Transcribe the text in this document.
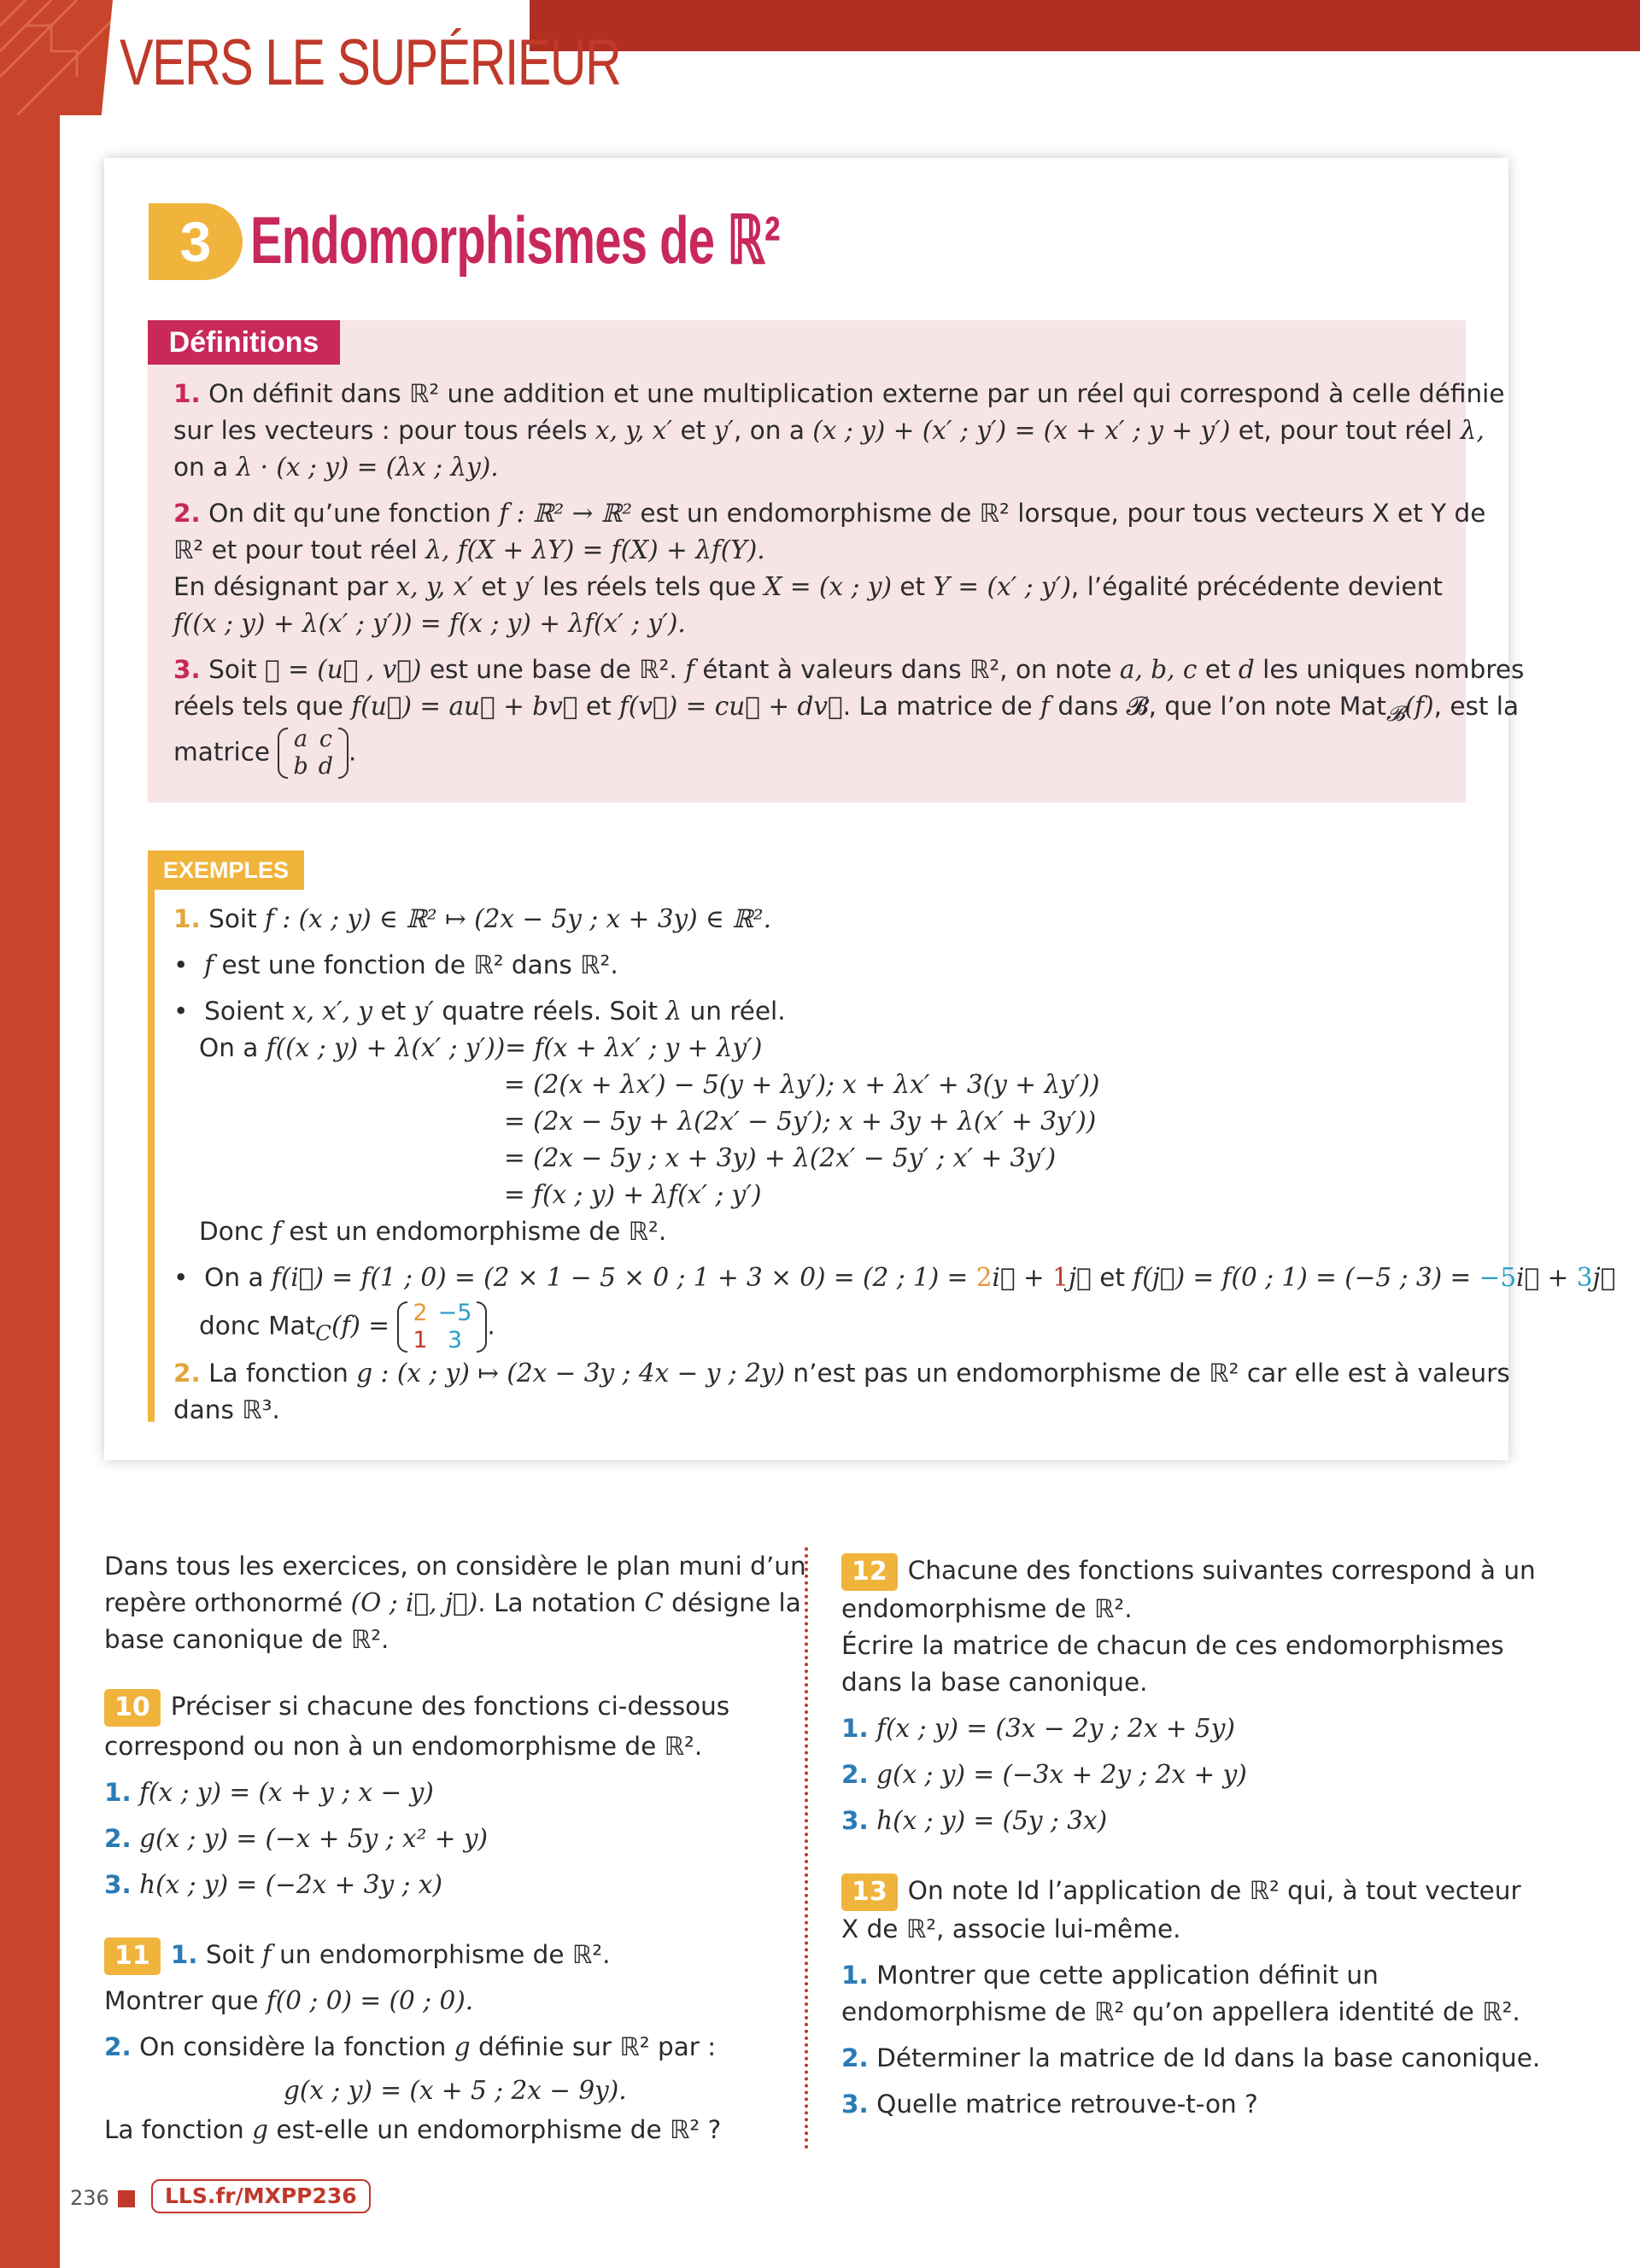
VERS LE SUPÉRIEUR
3 Endomorphismes de ℝ²
Définitions
1. On définit dans ℝ² une addition et une multiplication externe par un réel qui correspond à celle définie
sur les vecteurs : pour tous réels x, y, x′ et y′, on a (x ; y) + (x′ ; y′) = (x + x′ ; y + y′) et, pour tout réel λ,
on a λ · (x ; y) = (λx ; λy).
2. On dit qu’une fonction f : ℝ² → ℝ² est un endomorphisme de ℝ² lorsque, pour tous vecteurs X et Y de
ℝ² et pour tout réel λ, f(X + λY) = f(X) + λf(Y).
En désignant par x, y, x′ et y′ les réels tels que X = (x ; y) et Y = (x′ ; y′), l’égalité précédente devient
f((x ; y) + λ(x′ ; y′)) = f(x ; y) + λf(x′ ; y′).
3. Soit 𝓑 = (u⃗ , v⃗) est une base de ℝ². f étant à valeurs dans ℝ², on note a, b, c et d les uniques nombres
réels tels que f(u⃗) = au⃗ + bv⃗ et f(v⃗) = cu⃗ + dv⃗. La matrice de f dans 𝓑, que l’on note Mat$_𝓑$(f), est la
matrice a	c
b	d .
EXEMPLES
1. Soit f : (x ; y) ∈ ℝ² ↦ (2x − 5y ; x + 3y) ∈ ℝ².
• f est une fonction de ℝ² dans ℝ².
• Soient x, x′, y et y′ quatre réels. Soit λ un réel.
On a f((x ; y) + λ(x′ ; y′))= f(x + λx′ ; y + λy′)
= (2(x + λx′) − 5(y + λy′); x + λx′ + 3(y + λy′))
= (2x − 5y + λ(2x′ − 5y′); x + 3y + λ(x′ + 3y′))
= (2x − 5y ; x + 3y) + λ(2x′ − 5y′ ; x′ + 3y′)
= f(x ; y) + λf(x′ ; y′)
Donc f est un endomorphisme de ℝ².
• On a f(i⃗) = f(1 ; 0) = (2 × 1 − 5 × 0 ; 1 + 3 × 0) = (2 ; 1) = 2i⃗ + 1j⃗ et f(j⃗) = f(0 ; 1) = (−5 ; 3) = −5i⃗ + 3j⃗
donc Mat$_C$(f) = 2	−5
1	3 .
2. La fonction g : (x ; y) ↦ (2x − 3y ; 4x − y ; 2y) n’est pas un endomorphisme de ℝ² car elle est à valeurs
dans ℝ³.
Dans tous les exercices, on considère le plan muni d’un
repère orthonormé (O ; i⃗, j⃗). La notation C désigne la
base canonique de ℝ².
10 Préciser si chacune des fonctions ci-dessous
correspond ou non à un endomorphisme de ℝ².
1. f(x ; y) = (x + y ; x − y)
2. g(x ; y) = (−x + 5y ; x² + y)
3. h(x ; y) = (−2x + 3y ; x)
11 1. Soit f un endomorphisme de ℝ².
Montrer que f(0 ; 0) = (0 ; 0).
2. On considère la fonction g définie sur ℝ² par :
g(x ; y) = (x + 5 ; 2x − 9y).
La fonction g est-elle un endomorphisme de ℝ² ?
12 Chacune des fonctions suivantes correspond à un
endomorphisme de ℝ².
Écrire la matrice de chacun de ces endomorphismes
dans la base canonique.
1. f(x ; y) = (3x − 2y ; 2x + 5y)
2. g(x ; y) = (−3x + 2y ; 2x + y)
3. h(x ; y) = (5y ; 3x)
13 On note Id l’application de ℝ² qui, à tout vecteur
X de ℝ², associe lui-même.
1. Montrer que cette application définit un
endomorphisme de ℝ² qu’on appellera identité de ℝ².
2. Déterminer la matrice de Id dans la base canonique.
3. Quelle matrice retrouve-t-on ?
236	LLS.fr/MXPP236
